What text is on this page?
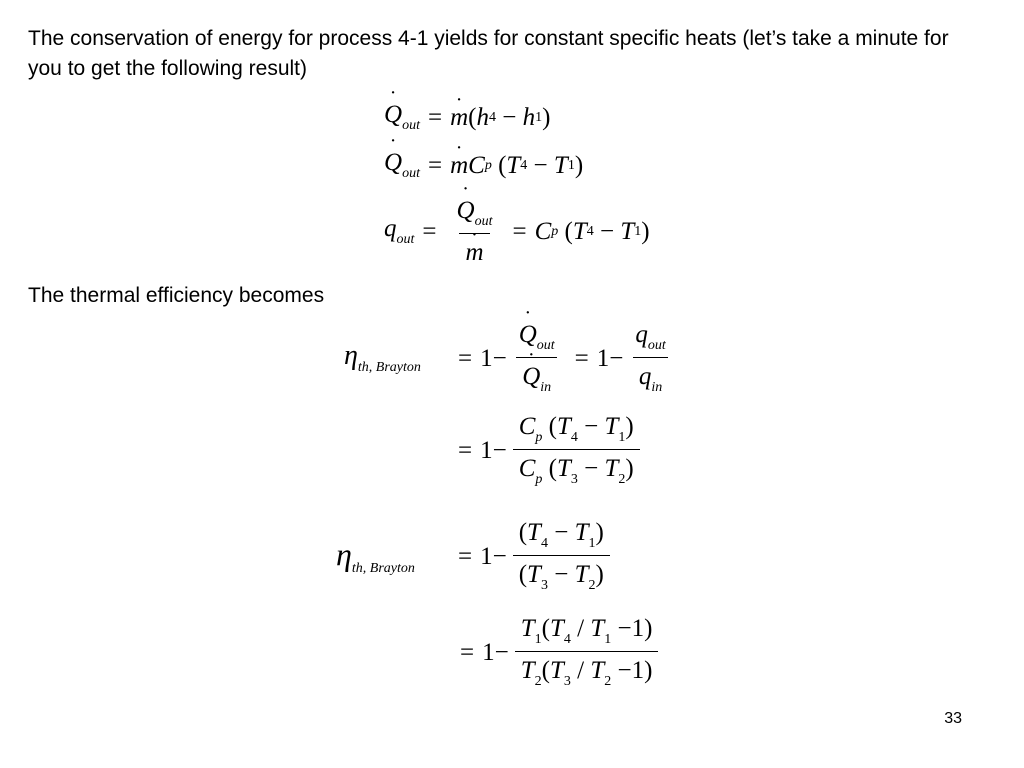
The conservation of energy for process 4-1 yields for constant specific heats (let’s take a minute for you to get the following result)
˙ $Q_{out}$ = ˙ m ( h 4 − h 1 )
˙ $Q_{out}$ = ˙ m C p ( T 4 − T 1 )
$q_{out}$ = ˙ $Q_{out}$
˙ m = C p ( T 4 − T 1 )
The thermal efficiency becomes
$\eta_{th, Brayton}$	= 1− ˙ $Q_{out}$
˙ $Q_{in} = 1- \frac{q_{out}}{q_{in}}$
= $1- \frac{C_p (T_4 - T_1)}{C_p (T_3 - T_2)}$
$\eta_{th, Brayton}$	= $1- \frac{(T_4 - T_1)}{(T_3 - T_2)}$
= $1- \frac{T_1(T_4 / T_1 -1)}{T_2(T_3 / T_2 -1)}$
33
